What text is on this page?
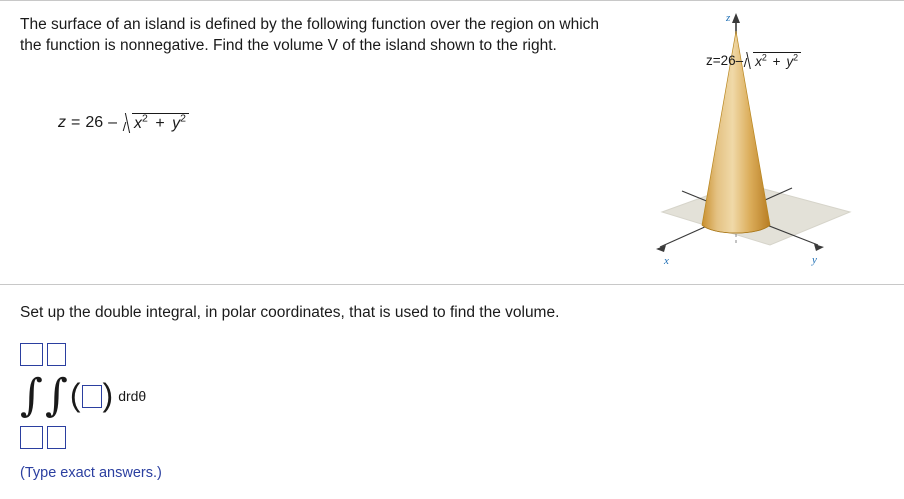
The surface of an island is defined by the following function over the region on which the function is nonnegative. Find the volume V of the island shown to the right.
$z = 26 - x^2 + y^2$
z
x	y
z=26– $x^2 + y^2$
Set up the double integral, in polar coordinates, that is used to find the volume.
∫ ∫ ( ) drdθ
(Type exact answers.)
